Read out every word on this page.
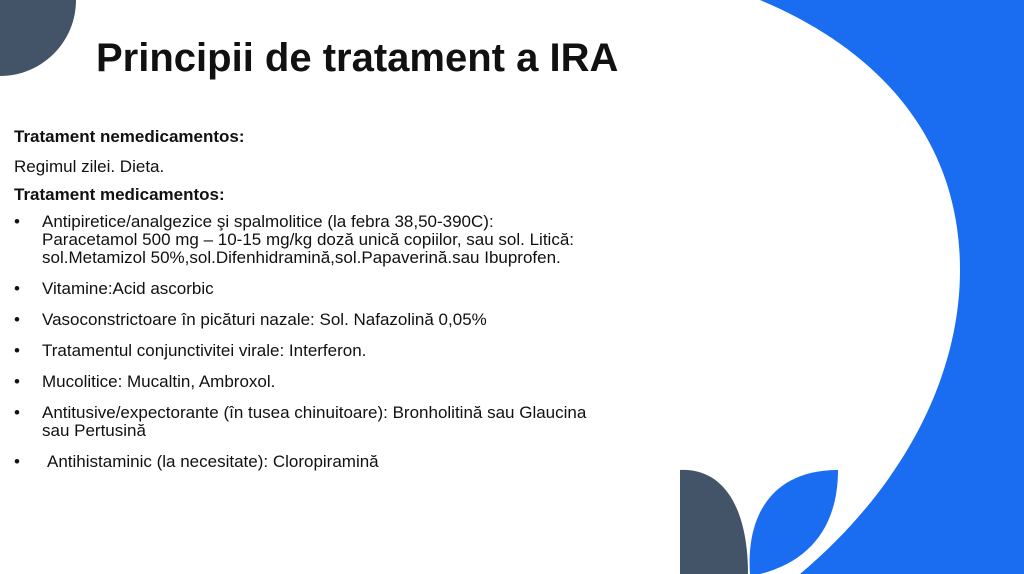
Principii de tratament a IRA

Tratament nemedicamentos:

Regimul zilei. Dieta.

Tratament medicamentos:

• Antipiretice/analgezice şi spalmolitice (la febra 38,50-390C):
Paracetamol 500 mg – 10-15 mg/kg doză unică copiilor, sau sol. Litică:
sol.Metamizol 50%,sol.Difenhidramină,sol.Papaverină.sau Ibuprofen.
• Vitamine:Acid ascorbic
• Vasoconstrictoare în picături nazale: Sol. Nafazolină 0,05%
• Tratamentul conjunctivitei virale: Interferon.
• Mucolitice: Mucaltin, Ambroxol.
• Antitusive/expectorante (în tusea chinuitoare): Bronholitină sau Glaucina
sau Pertusină
• Antihistaminic (la necesitate): Cloropiramină
